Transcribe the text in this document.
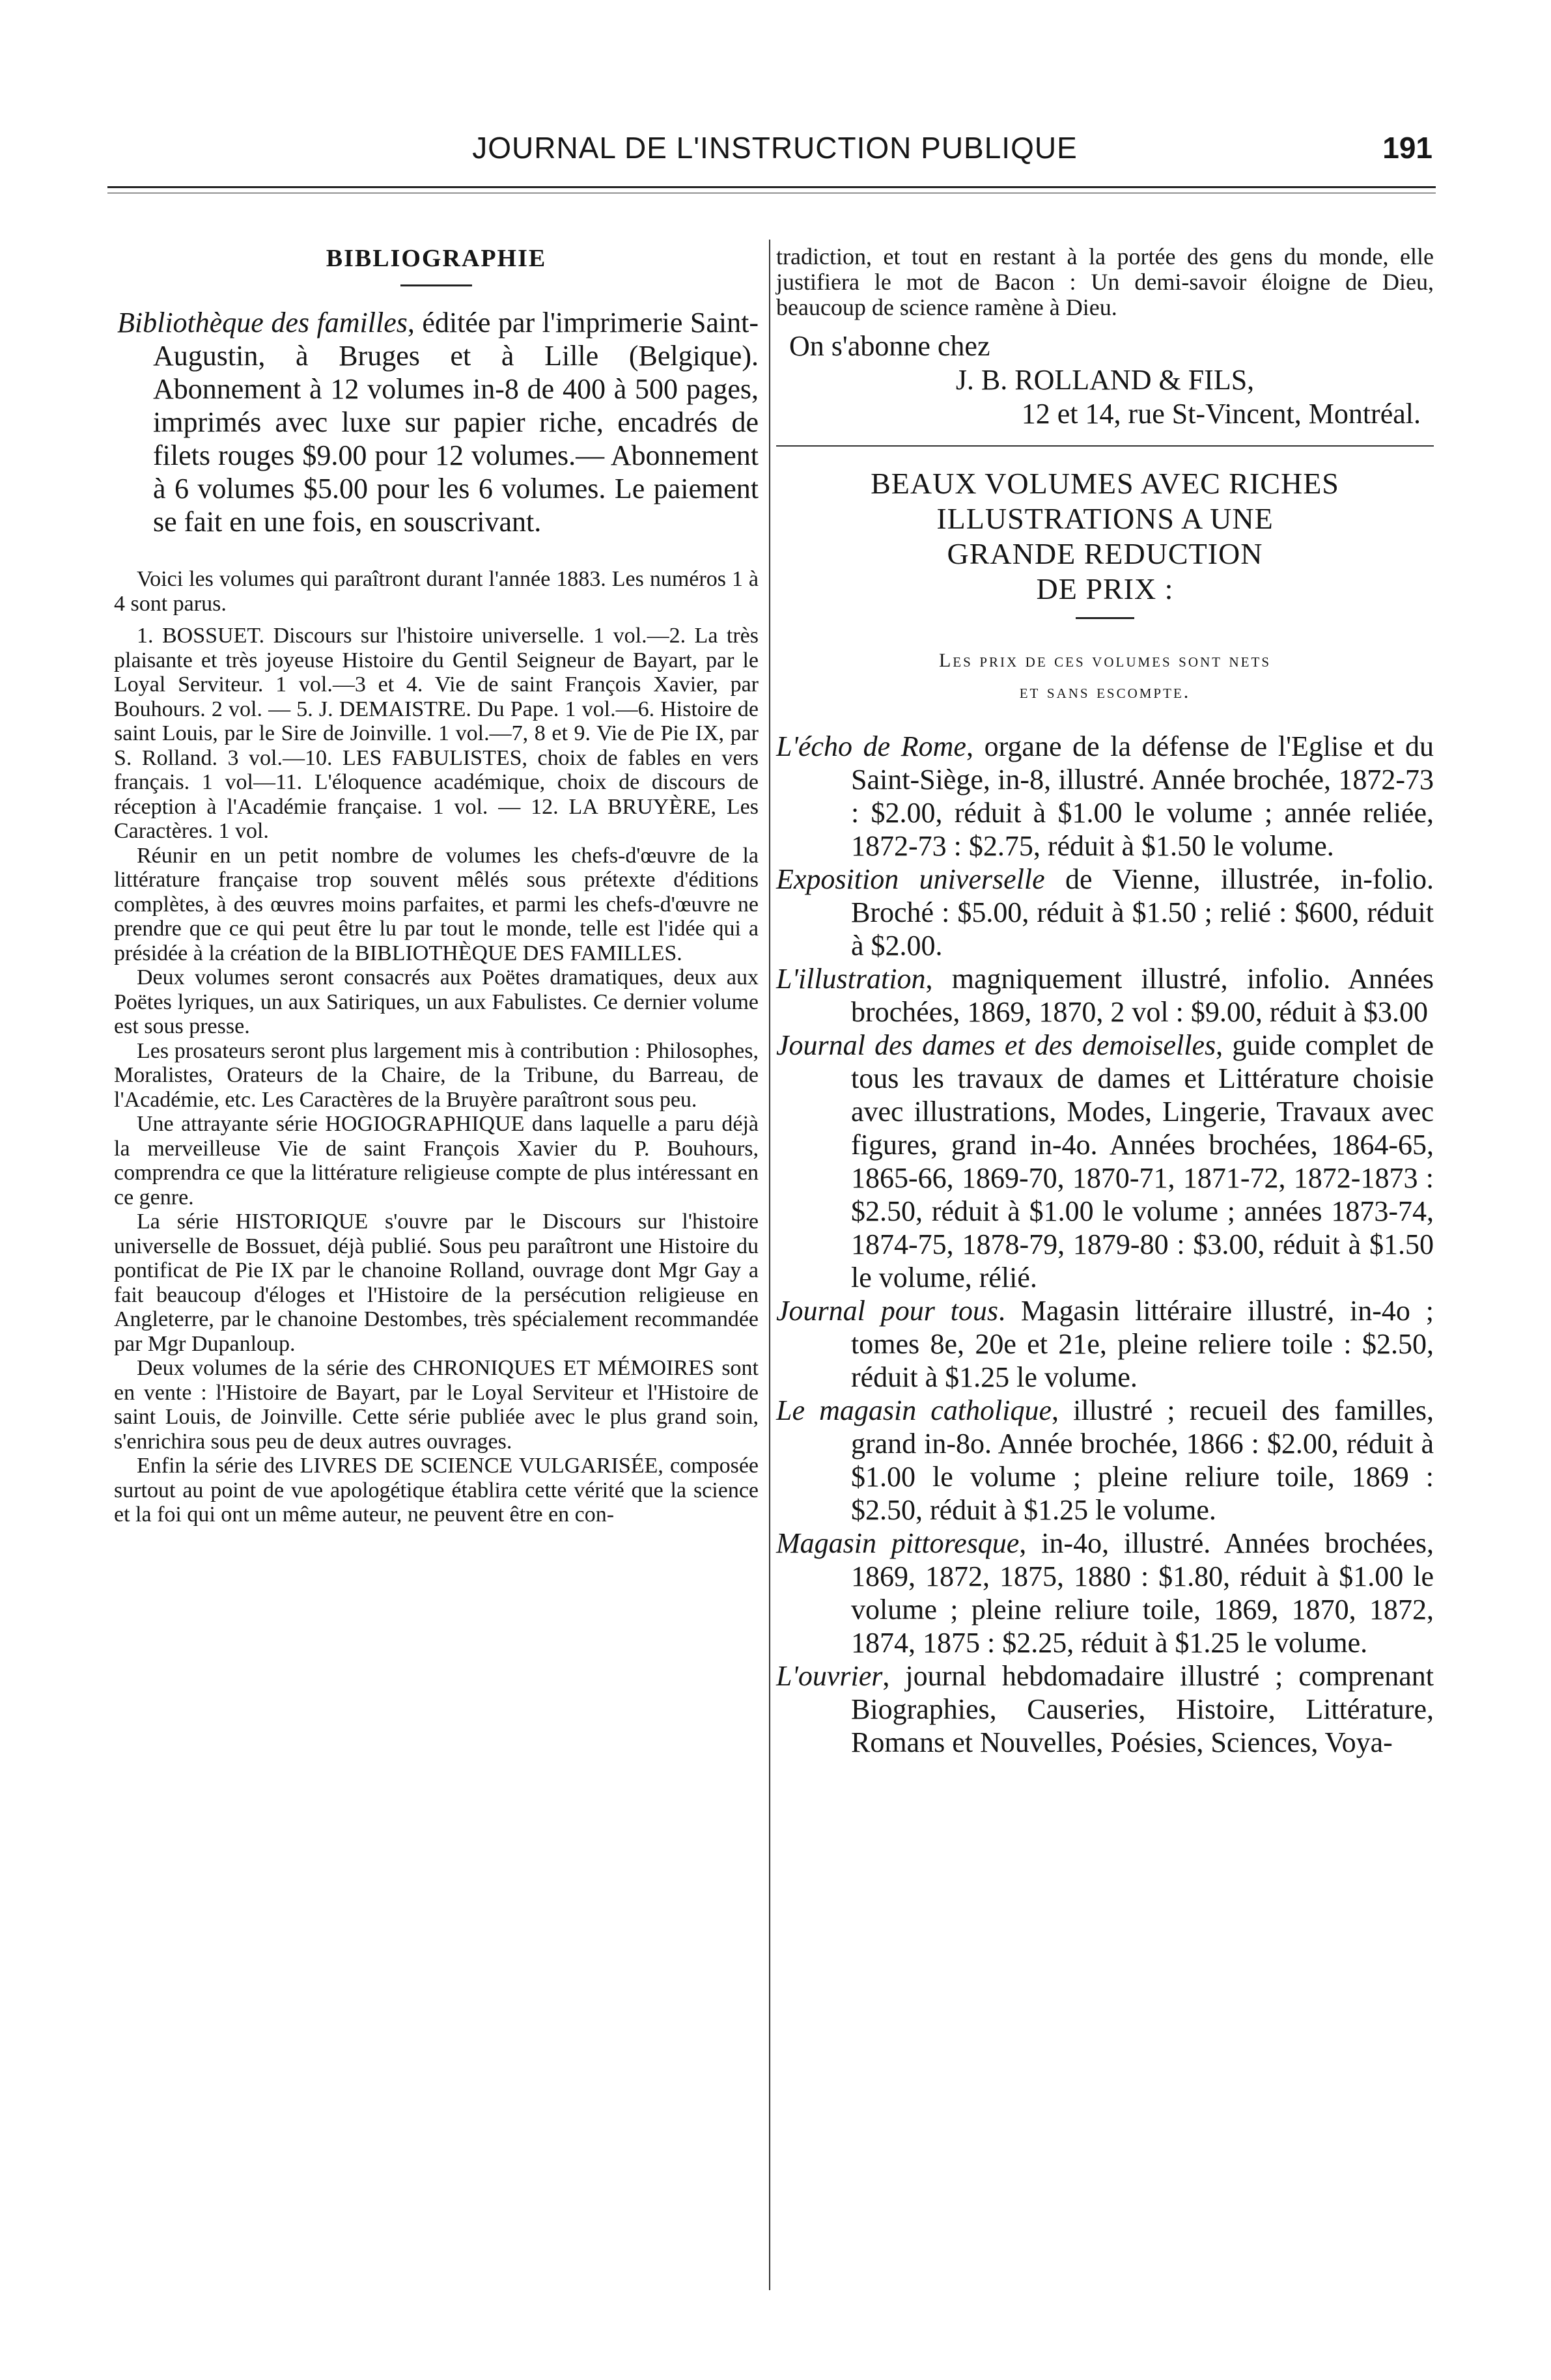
JOURNAL DE L'INSTRUCTION PUBLIQUE	191
BIBLIOGRAPHIE

Bibliothèque des familles, éditée par l'imprimerie Saint-Augustin, à Bruges et à Lille (Belgique). Abonnement à 12 volumes in-8 de 400 à 500 pages, imprimés avec luxe sur papier riche, encadrés de filets rouges $9.00 pour 12 volumes.— Abonnement à 6 volumes $5.00 pour les 6 volumes. Le paiement se fait en une fois, en souscrivant.

Voici les volumes qui paraîtront durant l'année 1883. Les numéros 1 à 4 sont parus.

1. BOSSUET. Discours sur l'histoire universelle. 1 vol.—2. La très plaisante et très joyeuse Histoire du Gentil Seigneur de Bayart, par le Loyal Serviteur. 1 vol.—3 et 4. Vie de saint François Xavier, par Bouhours. 2 vol. — 5. J. DEMAISTRE. Du Pape. 1 vol.—6. Histoire de saint Louis, par le Sire de Joinville. 1 vol.—7, 8 et 9. Vie de Pie IX, par S. Rolland. 3 vol.—10. LES FABULISTES, choix de fables en vers français. 1 vol—11. L'éloquence académique, choix de discours de réception à l'Académie française. 1 vol. — 12. LA BRUYÈRE, Les Caractères. 1 vol.

Réunir en un petit nombre de volumes les chefs-d'œuvre de la littérature française trop souvent mêlés sous prétexte d'éditions complètes, à des œuvres moins parfaites, et parmi les chefs-d'œuvre ne prendre que ce qui peut être lu par tout le monde, telle est l'idée qui a présidée à la création de la BIBLIOTHÈQUE DES FAMILLES.

Deux volumes seront consacrés aux Poëtes dramatiques, deux aux Poëtes lyriques, un aux Satiriques, un aux Fabulistes. Ce dernier volume est sous presse.

Les prosateurs seront plus largement mis à contribution : Philosophes, Moralistes, Orateurs de la Chaire, de la Tribune, du Barreau, de l'Académie, etc. Les Caractères de la Bruyère paraîtront sous peu.

Une attrayante série HOGIOGRAPHIQUE dans laquelle a paru déjà la merveilleuse Vie de saint François Xavier du P. Bouhours, comprendra ce que la littérature religieuse compte de plus intéressant en ce genre.

La série HISTORIQUE s'ouvre par le Discours sur l'histoire universelle de Bossuet, déjà publié. Sous peu paraîtront une Histoire du pontificat de Pie IX par le chanoine Rolland, ouvrage dont Mgr Gay a fait beaucoup d'éloges et l'Histoire de la persécution religieuse en Angleterre, par le chanoine Destombes, très spécialement recommandée par Mgr Dupanloup.

Deux volumes de la série des CHRONIQUES ET MÉMOIRES sont en vente : l'Histoire de Bayart, par le Loyal Serviteur et l'Histoire de saint Louis, de Joinville. Cette série publiée avec le plus grand soin, s'enrichira sous peu de deux autres ouvrages.

Enfin la série des LIVRES DE SCIENCE VULGARISÉE, composée surtout au point de vue apologétique établira cette vérité que la science et la foi qui ont un même auteur, ne peuvent être en con-

tradiction, et tout en restant à la portée des gens du monde, elle justifiera le mot de Bacon : Un demi-savoir éloigne de Dieu, beaucoup de science ramène à Dieu.

On s'abonne chez

J. B. ROLLAND & FILS,

12 et 14, rue St-Vincent, Montréal.

BEAUX VOLUMES AVEC RICHES

ILLUSTRATIONS A UNE

GRANDE REDUCTION

DE PRIX :

Les prix de ces volumes sont nets
et sans escompte.

L'écho de Rome, organe de la défense de l'Eglise et du Saint-Siège, in-8, illustré. Année brochée, 1872-73 : $2.00, réduit à $1.00 le volume ; année reliée, 1872-73 : $2.75, réduit à $1.50 le volume.

Exposition universelle de Vienne, illustrée, in-folio. Broché : $5.00, réduit à $1.50 ; relié : $600, réduit à $2.00.

L'illustration, magniquement illustré, infolio. Années brochées, 1869, 1870, 2 vol : $9.00, réduit à $3.00

Journal des dames et des demoiselles, guide complet de tous les travaux de dames et Littérature choisie avec illustrations, Modes, Lingerie, Travaux avec figures, grand in-4o. Années brochées, 1864-65, 1865-66, 1869-70, 1870-71, 1871-72, 1872-1873 : $2.50, réduit à $1.00 le volume ; années 1873-74, 1874-75, 1878-79, 1879-80 : $3.00, réduit à $1.50 le volume, rélié.

Journal pour tous. Magasin littéraire illustré, in-4o ; tomes 8e, 20e et 21e, pleine reliere toile : $2.50, réduit à $1.25 le volume.

Le magasin catholique, illustré ; recueil des familles, grand in-8o. Année brochée, 1866 : $2.00, réduit à $1.00 le volume ; pleine reliure toile, 1869 : $2.50, réduit à $1.25 le volume.

Magasin pittoresque, in-4o, illustré. Années brochées, 1869, 1872, 1875, 1880 : $1.80, réduit à $1.00 le volume ; pleine reliure toile, 1869, 1870, 1872, 1874, 1875 : $2.25, réduit à $1.25 le volume.

L'ouvrier, journal hebdomadaire illustré ; comprenant Biographies, Causeries, Histoire, Littérature, Romans et Nouvelles, Poésies, Sciences, Voya-
